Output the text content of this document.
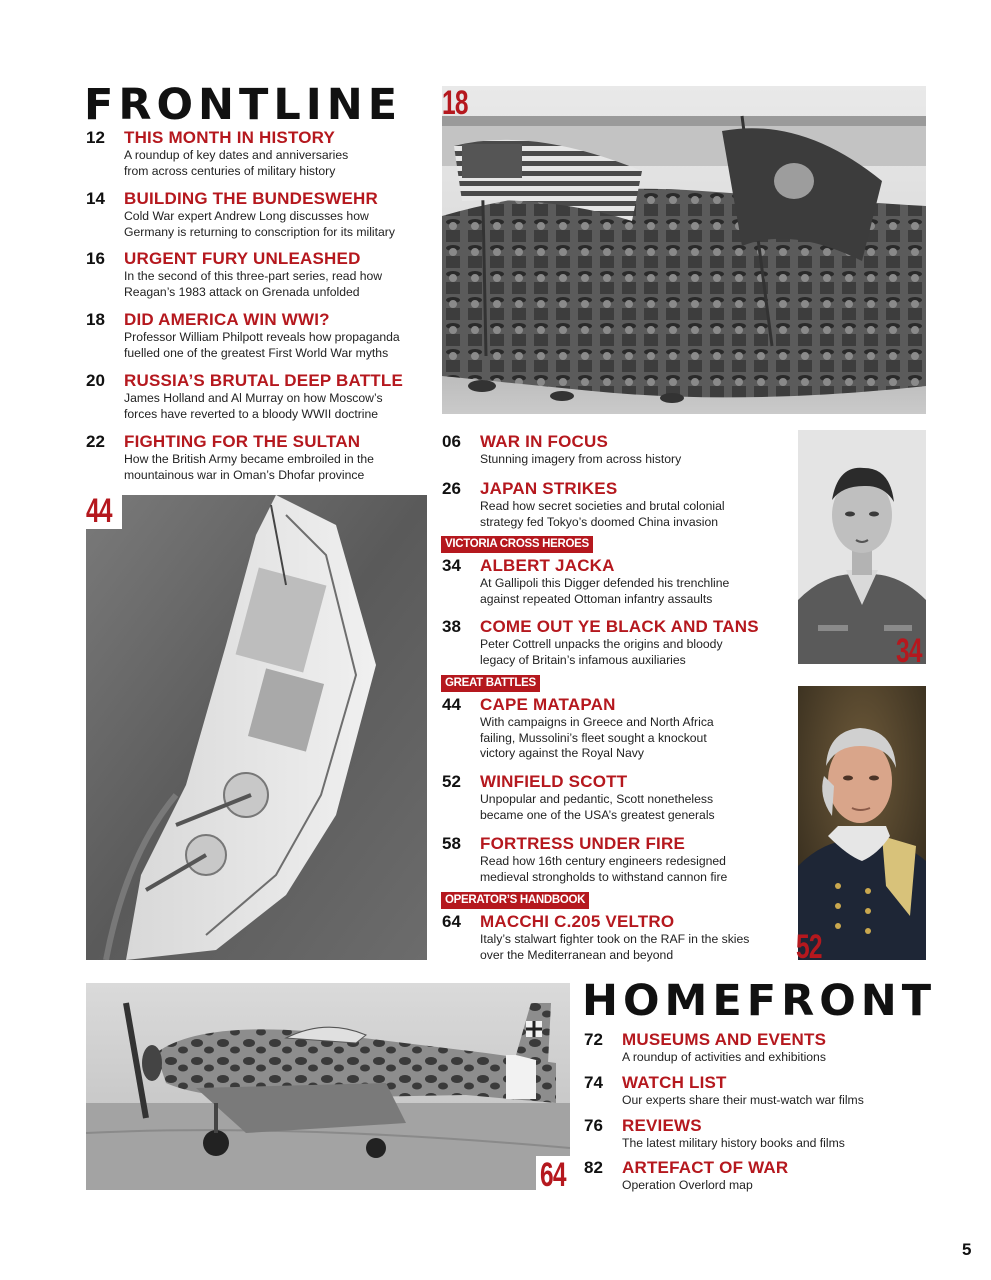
FRONTLINE
12 THIS MONTH IN HISTORY
A roundup of key dates and anniversaries
from across centuries of military history
14 BUILDING THE BUNDESWEHR
Cold War expert Andrew Long discusses how
Germany is returning to conscription for its military
16 URGENT FURY UNLEASHED
In the second of this three-part series, read how
Reagan’s 1983 attack on Grenada unfolded
18 DID AMERICA WIN WWI?
Professor William Philpott reveals how propaganda
fuelled one of the greatest First World War myths
20 RUSSIA’S BRUTAL DEEP BATTLE
James Holland and Al Murray on how Moscow’s
forces have reverted to a bloody WWII doctrine
22 FIGHTING FOR THE SULTAN
How the British Army became embroiled in the
mountainous war in Oman’s Dhofar province
18
44
06 WAR IN FOCUS
Stunning imagery from across history
26 JAPAN STRIKES
Read how secret societies and brutal colonial
strategy fed Tokyo’s doomed China invasion
VICTORIA CROSS HEROES
34 ALBERT JACKA
At Gallipoli this Digger defended his trenchline
against repeated Ottoman infantry assaults
38 COME OUT YE BLACK AND TANS
Peter Cottrell unpacks the origins and bloody
legacy of Britain’s infamous auxiliaries
GREAT BATTLES
44 CAPE MATAPAN
With campaigns in Greece and North Africa
failing, Mussolini’s fleet sought a knockout
victory against the Royal Navy
52 WINFIELD SCOTT
Unpopular and pedantic, Scott nonetheless
became one of the USA’s greatest generals
58 FORTRESS UNDER FIRE
Read how 16th century engineers redesigned
medieval strongholds to withstand cannon fire
OPERATOR’S HANDBOOK
64 MACCHI C.205 VELTRO
Italy’s stalwart fighter took on the RAF in the skies
over the Mediterranean and beyond
34
52
64
HOMEFRONT
72 MUSEUMS AND EVENTS
A roundup of activities and exhibitions
74 WATCH LIST
Our experts share their must-watch war films
76 REVIEWS
The latest military history books and films
82 ARTEFACT OF WAR
Operation Overlord map
5
